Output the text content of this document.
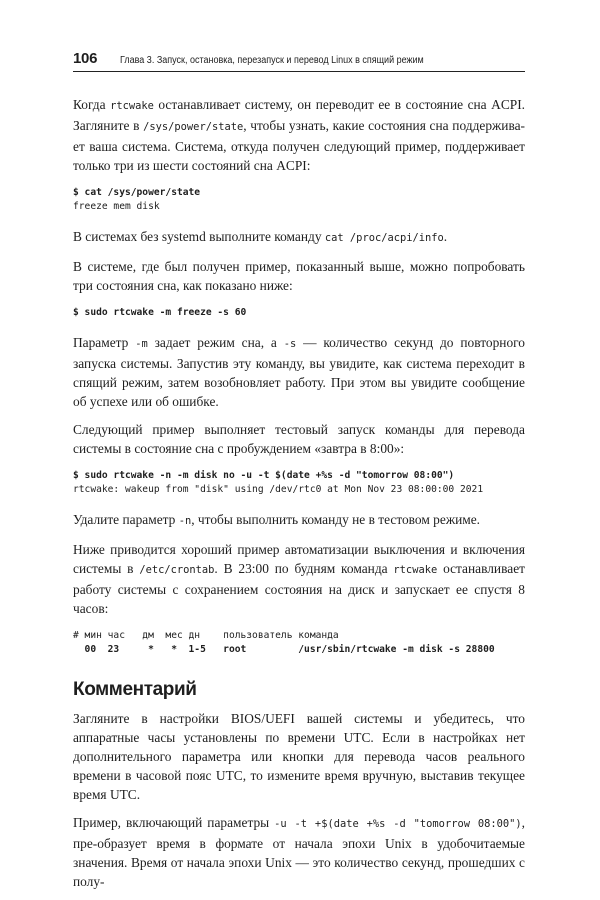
106	Глава 3. Запуск, остановка, перезапуск и перевод Linux в спящий режим

Когда rtcwake останавливает систему, он переводит ее в состояние сна ACPI. Загляните в /sys/power/state, чтобы узнать, какие состояния сна поддержива-ет ваша система. Система, откуда получен следующий пример, поддерживает только три из шести состояний сна ACPI:

$ cat /sys/power/state
freeze mem disk

В системах без systemd выполните команду cat /proc/acpi/info.

В системе, где был получен пример, показанный выше, можно попробовать три состояния сна, как показано ниже:

$ sudo rtcwake -m freeze -s 60

Параметр -m задает режим сна, а -s — количество секунд до повторного запуска системы. Запустив эту команду, вы увидите, как система переходит в спящий режим, затем возобновляет работу. При этом вы увидите сообщение об успехе или об ошибке.

Следующий пример выполняет тестовый запуск команды для перевода системы в состояние сна с пробуждением «завтра в 8:00»:

$ sudo rtcwake -n -m disk no -u -t $(date +%s -d "tomorrow 08:00")
rtcwake: wakeup from "disk" using /dev/rtc0 at Mon Nov 23 08:00:00 2021

Удалите параметр -n, чтобы выполнить команду не в тестовом режиме.

Ниже приводится хороший пример автоматизации выключения и включения системы в /etc/crontab. В 23:00 по будням команда rtcwake останавливает работу системы с сохранением состояния на диск и запускает ее спустя 8 часов:

# мин час   дм  мес дн    пользователь команда
00  23     *   *  1-5   root         /usr/sbin/rtcwake -m disk -s 28800
Комментарий

Загляните в настройки BIOS/UEFI вашей системы и убедитесь, что аппаратные часы установлены по времени UTC. Если в настройках нет дополнительного параметра или кнопки для перевода часов реального времени в часовой пояс UTC, то измените время вручную, выставив текущее время UTC.

Пример, включающий параметры -u -t +$(date +%s -d "tomorrow 08:00"), пре-образует время в формате от начала эпохи Unix в удобочитаемые значения. Время от начала эпохи Unix — это количество секунд, прошедших с полу-
